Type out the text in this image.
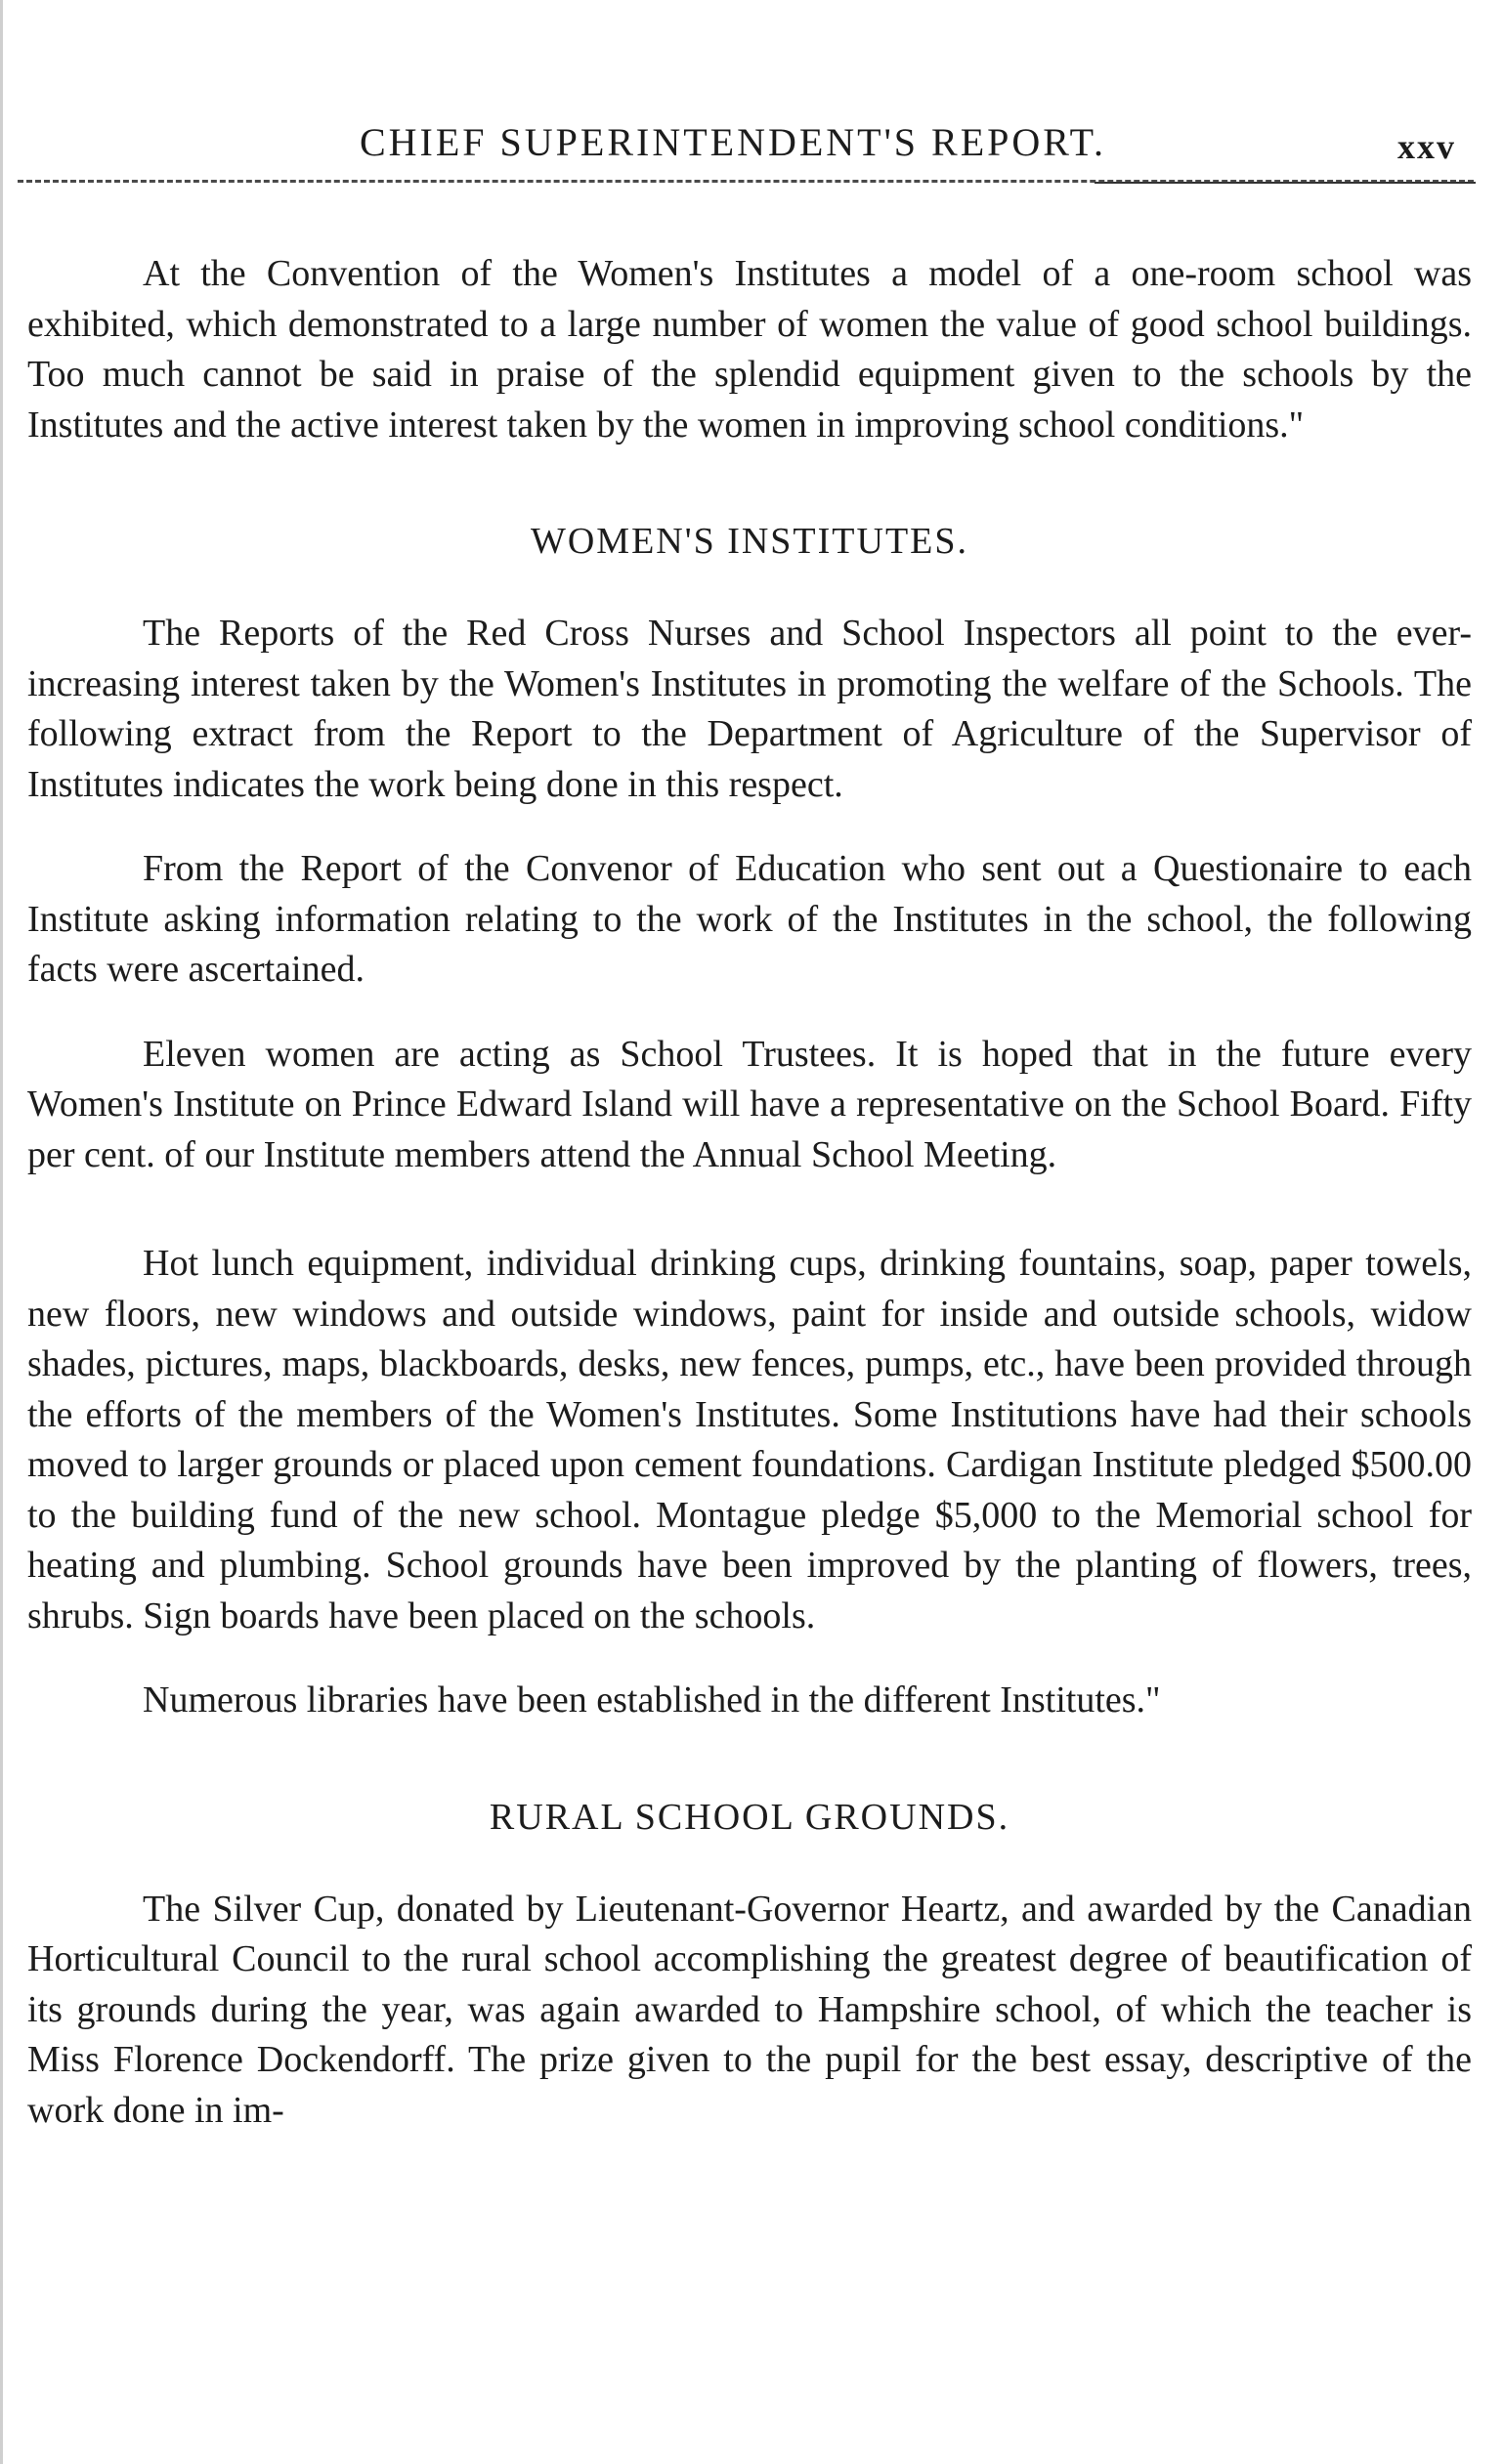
CHIEF SUPERINTENDENT'S REPORT.	xxv

At the Convention of the Women's Institutes a model of a one-room school was exhibited, which demonstrated to a large number of women the value of good school buildings. Too much cannot be said in praise of the splendid equipment given to the schools by the Institutes and the active interest taken by the women in improving school conditions."

WOMEN'S INSTITUTES.

The Reports of the Red Cross Nurses and School Inspectors all point to the ever-increasing interest taken by the Women's Institutes in promoting the welfare of the Schools. The following extract from the Report to the Department of Agriculture of the Supervisor of Institutes indicates the work being done in this respect.

From the Report of the Convenor of Education who sent out a Questionaire to each Institute asking information relating to the work of the Institutes in the school, the following facts were ascertained.

Eleven women are acting as School Trustees. It is hoped that in the future every Women's Institute on Prince Edward Island will have a representative on the School Board. Fifty per cent. of our Institute members attend the Annual School Meeting.

Hot lunch equipment, individual drinking cups, drinking fountains, soap, paper towels, new floors, new windows and outside windows, paint for inside and outside schools, widow shades, pictures, maps, blackboards, desks, new fences, pumps, etc., have been provided through the efforts of the members of the Women's Institutes. Some Institutions have had their schools moved to larger grounds or placed upon cement foundations. Cardigan Institute pledged $500.00 to the building fund of the new school. Montague pledge $5,000 to the Memorial school for heating and plumbing. School grounds have been improved by the planting of flowers, trees, shrubs. Sign boards have been placed on the schools.

Numerous libraries have been established in the different Institutes."

RURAL SCHOOL GROUNDS.

The Silver Cup, donated by Lieutenant-Governor Heartz, and awarded by the Canadian Horticultural Council to the rural school accomplishing the greatest degree of beautification of its grounds during the year, was again awarded to Hampshire school, of which the teacher is Miss Florence Dockendorff. The prize given to the pupil for the best essay, descriptive of the work done in im-
